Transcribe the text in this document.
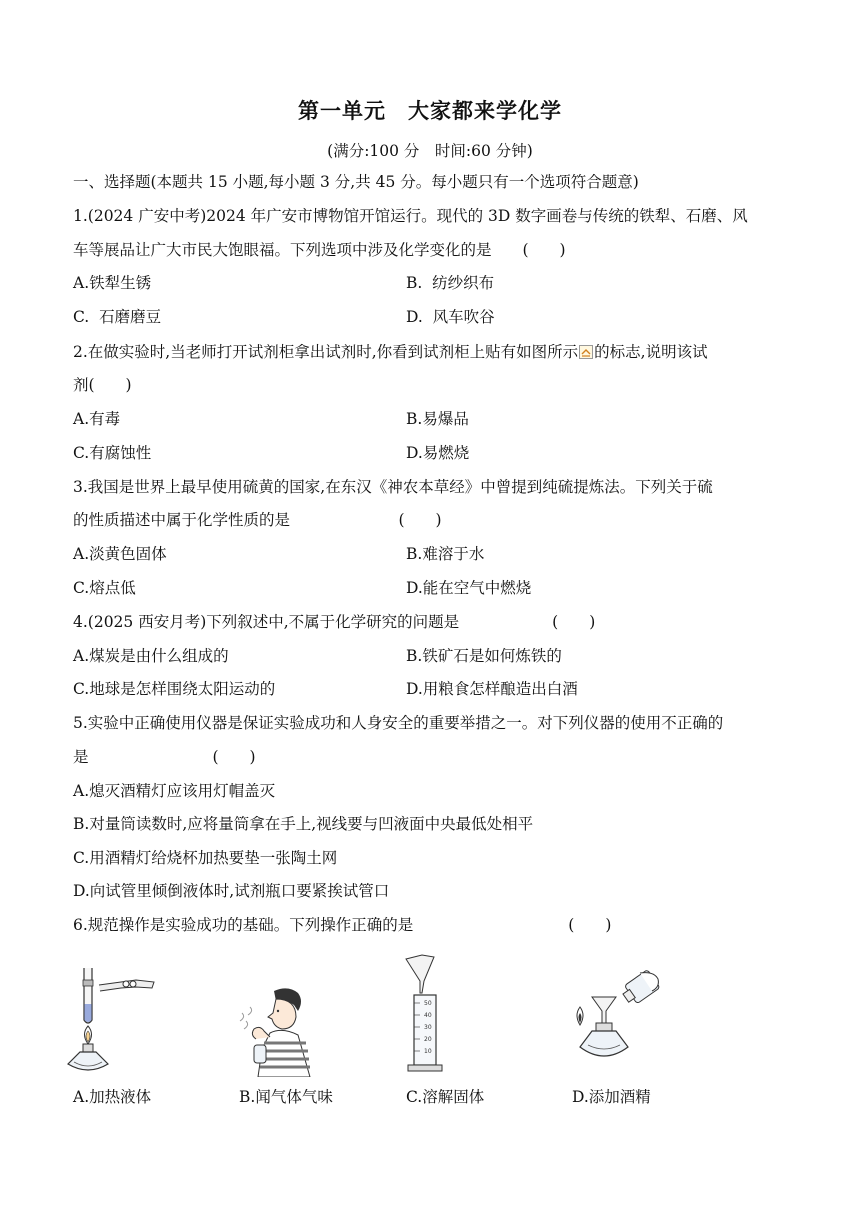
第一单元　大家都来学化学
(满分:100 分　时间:60 分钟)
一、选择题(本题共 15 小题,每小题 3 分,共 45 分。每小题只有一个选项符合题意)
1.(2024 广安中考)2024 年广安市博物馆开馆运行。现代的 3D 数字画卷与传统的铁犁、石磨、风
车等展品让广大市民大饱眼福。下列选项中涉及化学变化的是　　(　　)
A.铁犁生锈	B.  纺纱织布
C.  石磨磨豆	D.  风车吹谷
2.在做实验时,当老师打开试剂柜拿出试剂时,你看到试剂柜上贴有如图所示 的标志,说明该试
剂(　　)
A.有毒	B.易爆品
C.有腐蚀性	D.易燃烧
3.我国是世界上最早使用硫黄的国家,在东汉《神农本草经》中曾提到纯硫提炼法。下列关于硫
的性质描述中属于化学性质的是　　　　　　　(　　)
A.淡黄色固体	B.难溶于水
C.熔点低	D.能在空气中燃烧
4.(2025 西安月考)下列叙述中,不属于化学研究的问题是　　　　　　(　　)
A.煤炭是由什么组成的	B.铁矿石是如何炼铁的
C.地球是怎样围绕太阳运动的	D.用粮食怎样酿造出白酒
5.实验中正确使用仪器是保证实验成功和人身安全的重要举措之一。对下列仪器的使用不正确的
是　　　　　　　　(　　)
A.熄灭酒精灯应该用灯帽盖灭
B.对量筒读数时,应将量筒拿在手上,视线要与凹液面中央最低处相平
C.用酒精灯给烧杯加热要垫一张陶土网
D.向试管里倾倒液体时,试剂瓶口要紧挨试管口
6.规范操作是实验成功的基础。下列操作正确的是　　　　　　　　　　(　　)
A.加热液体	B.闻气体气味
50
40
30
20
10
C.溶解固体	D.添加酒精
